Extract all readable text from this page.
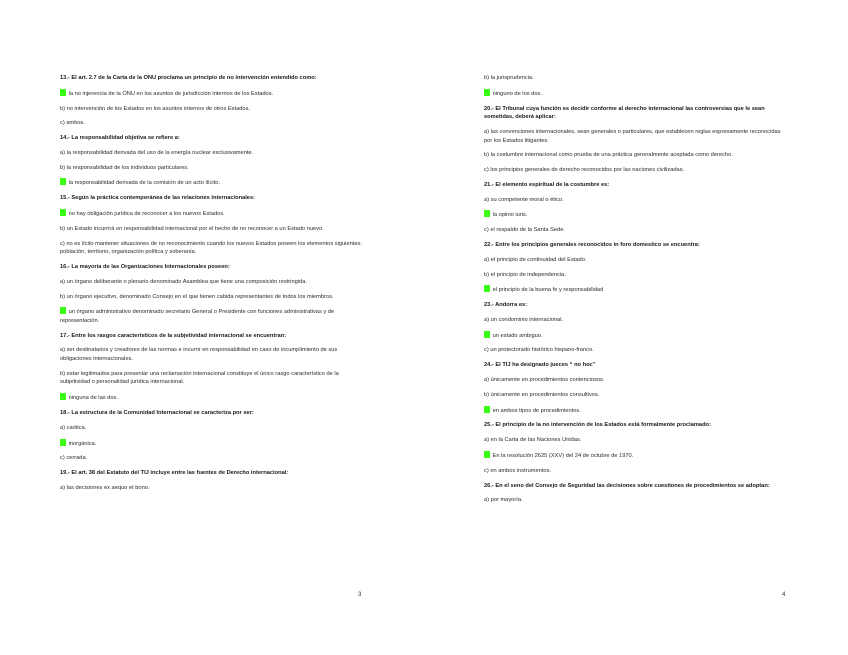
13.- El art. 2.7 de la Carta de la ONU proclama un principio de no intervención entendido como:

la no injerencia de la ONU en los asuntos de jurisdicción internos de los Estados.

b) no intervención de los Estados en los asuntos internos de otros Estados.

c) ambos.

14.- La responsabilidad objetiva se refiere a:

a) la responsabilidad derivada del uso de la energía nuclear exclusivamente.

b) la responsabilidad de los individuos particulares.

la responsabilidad derivada de la comisión de un acto ilícito.

15.- Según la práctica contemporánea de las relaciones internacionales:

no hay obligación jurídica de reconocer a los nuevos Estados.

b) un Estado incurrirá en responsabilidad internacional por el hecho de no reconocer a un Estado nuevo.

c) no es lícito mantener situaciones de no reconocimiento cuando los nuevos Estados poseen los elementos siguientes: población, territorio, organización política y soberanía.

16.- La mayoría de las Organizaciones Internacionales poseen:

a) un órgano deliberante o plenario denominado Asamblea que tiene una composición restringida.

b) un órgano ejecutivo, denominado Consejo en el que tienen cabida representantes de todos los miembros.

un órgano administrativo denominado secretario General o Presidente con funciones administrativas y de representación.

17.- Entre los rasgos característicos de la subjetividad internacional se encuentran:

a) ser destinatarios y creadores de las normas e incurrir en responsabilidad en caso de incumplimiento de sus obligaciones internacionales.

b) estar legitimados para presentar una reclamación internacional constituye el único rasgo característico de la subjetividad o personalidad jurídica internacional.

ninguna de las dos.

18.- La estructura de la Comunidad Internacional se caracteriza por ser:

a) caótica.

inorgánica.

c) cerrada.

19.- El art. 38 del Estatuto del TIJ incluye entre las fuentes de Derecho internacional:

a) las decisiones ex aequo et bono.

3

b) la jurisprudencia.

ninguno de los dos.

20.- El Tribunal cuya función es decidir conforme al derecho internacional las controversias que le sean sometidas, deberá aplicar:

a) las convenciones internacionales, sean generales o particulares, que establecen reglas expresamente reconocidas por los Estados litigantes.

b) la costumbre internacional como prueba de una práctica generalmente aceptada como derecho.

c) los principios generales de derecho reconocidos por las naciones civilizadas.

21.- El elemento espiritual de la costumbre es:

a) su competente moral o ético.

la opinio iuris.

c) el respaldo de la Santa Sede.

22.- Entre los principios generales reconocidos in foro domestico se encuentra:

a) el principio de continuidad del Estado.

b) el principio de independencia.

el principio de la buena fe y responsabilidad

23.- Andorra es:

a) un condominio internacional.

un estado ambiguo.

c) un protectorado histórico hispano-franco.

24.- El TIJ ha designado jueces “ no hoc”

a) únicamente en procedimientos contenciosos.

b) únicamente en procedimientos consultivos.

en ambos tipos de procedimientos.

25.- El principio de la no intervención de los Estados está formalmente proclamado:

a) en la Carta de las Naciones Unidas.

En la resolución 2625 (XXV) del 24 de octubre de 1970.

c) en ambos instrumentos.

26.- En el seno del Consejo de Seguridad las decisiones sobre cuestiones de procedimientos se adoptan:

a) por mayoría.

4
